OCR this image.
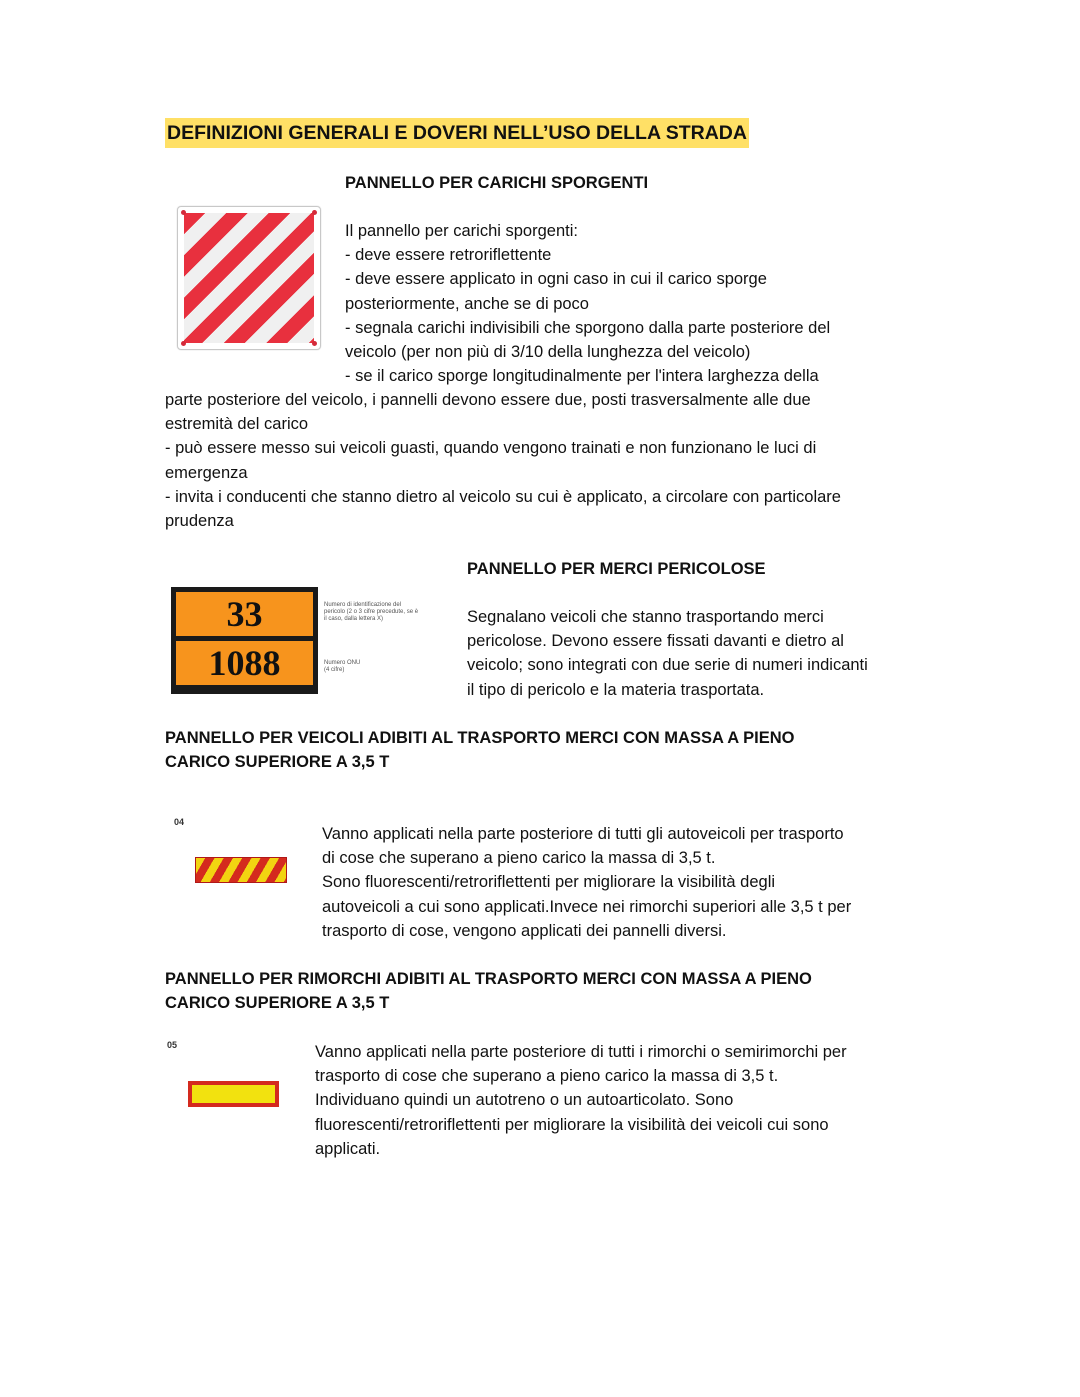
DEFINIZIONI GENERALI E DOVERI NELL’USO DELLA STRADA
PANNELLO PER CARICHI SPORGENTI
Il pannello per carichi sporgenti:
- deve essere retroriflettente
- deve essere applicato in ogni caso in cui il carico sporge
posteriormente, anche se di poco
- segnala carichi indivisibili che sporgono dalla parte posteriore del
veicolo (per non più di 3/10 della lunghezza del veicolo)
- se il carico sporge longitudinalmente per l'intera larghezza della
parte posteriore del veicolo, i pannelli devono essere due, posti trasversalmente alle due
estremità del carico
- può essere messo sui veicoli guasti, quando vengono trainati e non funzionano le luci di
emergenza
- invita i conducenti che stanno dietro al veicolo su cui è applicato, a circolare con particolare
prudenza
PANNELLO PER MERCI PERICOLOSE
33
1088
Numero di identificazione del pericolo (2 o 3 cifre precedute, se è il caso, dalla lettera X)
Numero ONU (4 cifre)
Segnalano veicoli che stanno trasportando merci
pericolose. Devono essere fissati davanti e dietro al
veicolo; sono integrati con due serie di numeri indicanti
il tipo di pericolo e la materia trasportata.
PANNELLO PER VEICOLI ADIBITI AL TRASPORTO MERCI CON MASSA A PIENO
CARICO SUPERIORE A 3,5 T
04
Vanno applicati nella parte posteriore di tutti gli autoveicoli per trasporto
di cose che superano a pieno carico la massa di 3,5 t.
Sono fluorescenti/retroriflettenti per migliorare la visibilità degli
autoveicoli a cui sono applicati.Invece nei rimorchi superiori alle 3,5 t per
trasporto di cose, vengono applicati dei pannelli diversi.
PANNELLO PER RIMORCHI ADIBITI AL TRASPORTO MERCI CON MASSA A PIENO
CARICO SUPERIORE A 3,5 T
05	Vanno applicati nella parte posteriore di tutti i rimorchi o semirimorchi per
trasporto di cose che superano a pieno carico la massa di 3,5 t.
Individuano quindi un autotreno o un autoarticolato. Sono
fluorescenti/retroriflettenti per migliorare la visibilità dei veicoli cui sono
applicati.
